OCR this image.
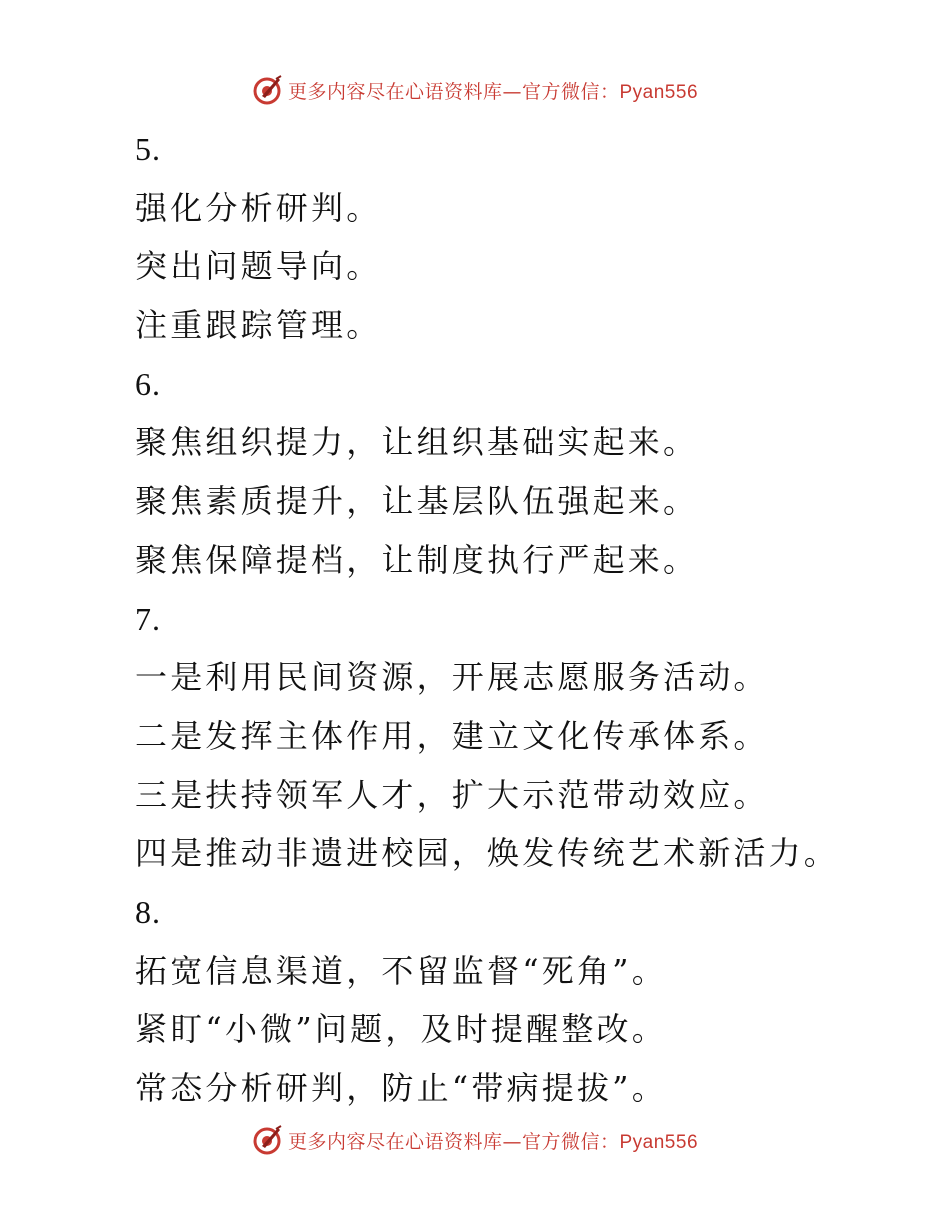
更多内容尽在心语资料库—官方微信：Pyan556
5.
强化分析研判。
突出问题导向。
注重跟踪管理。
6.
聚焦组织提力，让组织基础实起来。
聚焦素质提升，让基层队伍强起来。
聚焦保障提档，让制度执行严起来。
7.
一是利用民间资源，开展志愿服务活动。
二是发挥主体作用，建立文化传承体系。
三是扶持领军人才，扩大示范带动效应。
四是推动非遗进校园，焕发传统艺术新活力。
8.
拓宽信息渠道，不留监督“死角”。
紧盯“小微”问题，及时提醒整改。
常态分析研判，防止“带病提拔”。
更多内容尽在心语资料库—官方微信：Pyan556
